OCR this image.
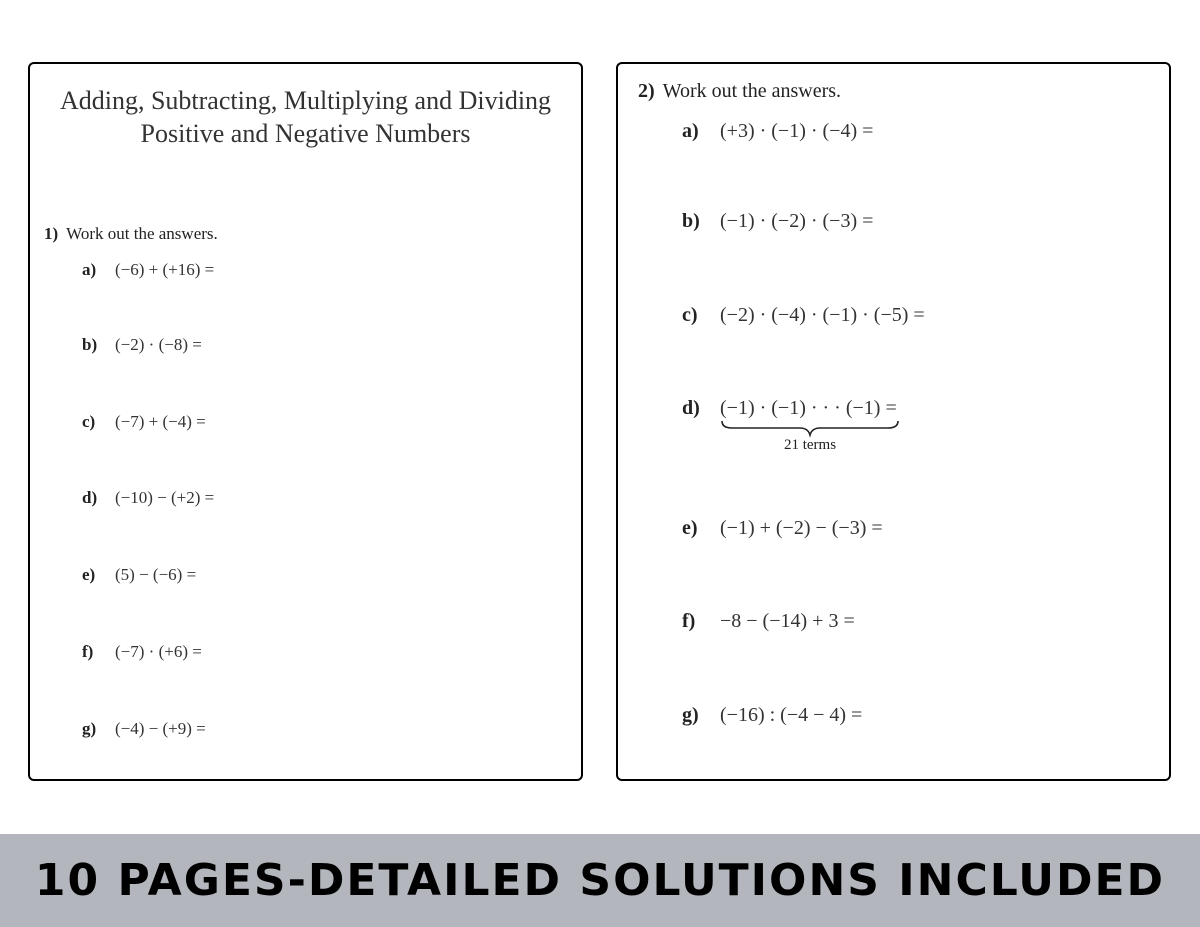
Adding, Subtracting, Multiplying and Dividing
Positive and Negative Numbers
1) Work out the answers.
a) (−6) + (+16) =
b) (−2) · (−8) =
c) (−7) + (−4) =
d) (−10) − (+2) =
e) (5) − (−6) =
f) (−7) · (+6) =
g) (−4) − (+9) =
2) Work out the answers.
a) (+3) · (−1) · (−4) =
b) (−1) · (−2) · (−3) =
c) (−2) · (−4) · (−1) · (−5) =
d) (−1) · (−1) · · · (−1) =
21 terms
e) (−1) + (−2) − (−3) =
f) −8 − (−14) + 3 =
g) (−16) : (−4 − 4) =
10 PAGES-DETAILED SOLUTIONS INCLUDED
